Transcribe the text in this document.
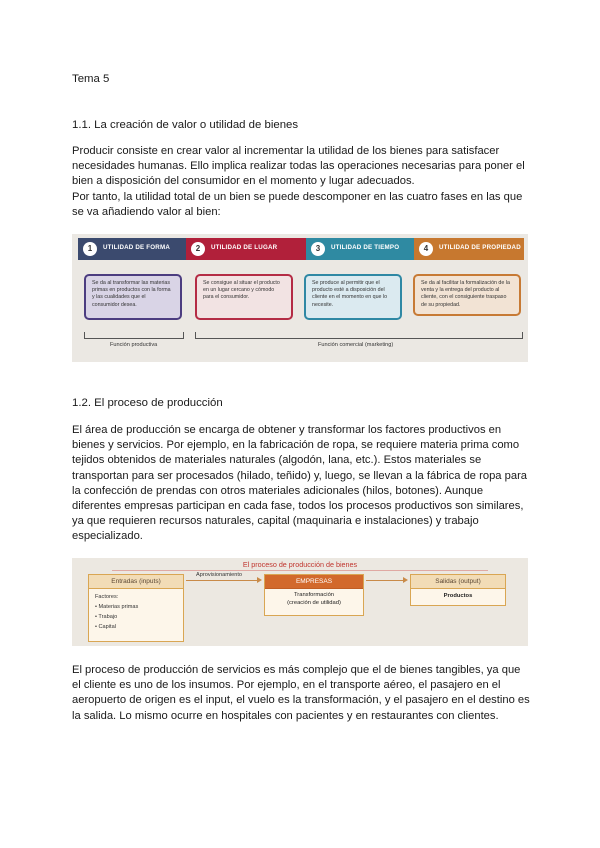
Tema 5
1.1. La creación de valor o utilidad de bienes
Producir consiste en crear valor al incrementar la utilidad de los bienes para satisfacer necesidades humanas. Ello implica realizar todas las operaciones necesarias para poner el bien a disposición del consumidor en el momento y lugar adecuados.
Por tanto, la utilidad total de un bien se puede descomponer en las cuatro fases en las que se va añadiendo valor al bien:
1	UTILIDAD DE FORMA	2	UTILIDAD DE LUGAR	3	UTILIDAD DE TIEMPO	4	UTILIDAD DE PROPIEDAD
Se da al transformar las materias primas en productos con la forma y las cualidades que el consumidor desea.
Se consigue al situar el producto en un lugar cercano y cómodo para el consumidor.
Se produce al permitir que el producto esté a disposición del cliente en el momento en que lo necesite.
Se da al facilitar la formalización de la venta y la entrega del producto al cliente, con el consiguiente traspaso de su propiedad.
Función productiva	Función comercial (marketing)
1.2. El proceso de producción
El área de producción se encarga de obtener y transformar los factores productivos en bienes y servicios. Por ejemplo, en la fabricación de ropa, se requiere materia prima como tejidos obtenidos de materiales naturales (algodón, lana, etc.). Estos materiales se transportan para ser procesados (hilado, teñido) y, luego, se llevan a la fábrica de ropa para la confección de prendas con otros materiales adicionales (hilos, botones). Aunque diferentes empresas participan en cada fase, todos los procesos productivos son similares, ya que requieren recursos naturales, capital (maquinaria e instalaciones) y trabajo especializado.
El proceso de producción de bienes
Entradas (inputs)
Factores:
• Materias primas
• Trabajo
• Capital
Aprovisionamiento
EMPRESAS
Transformación
(creación de utilidad)
Salidas (output)
Productos
El proceso de producción de servicios es más complejo que el de bienes tangibles, ya que el cliente es uno de los insumos. Por ejemplo, en el transporte aéreo, el pasajero en el aeropuerto de origen es el input, el vuelo es la transformación, y el pasajero en el destino es la salida. Lo mismo ocurre en hospitales con pacientes y en restaurantes con clientes.
